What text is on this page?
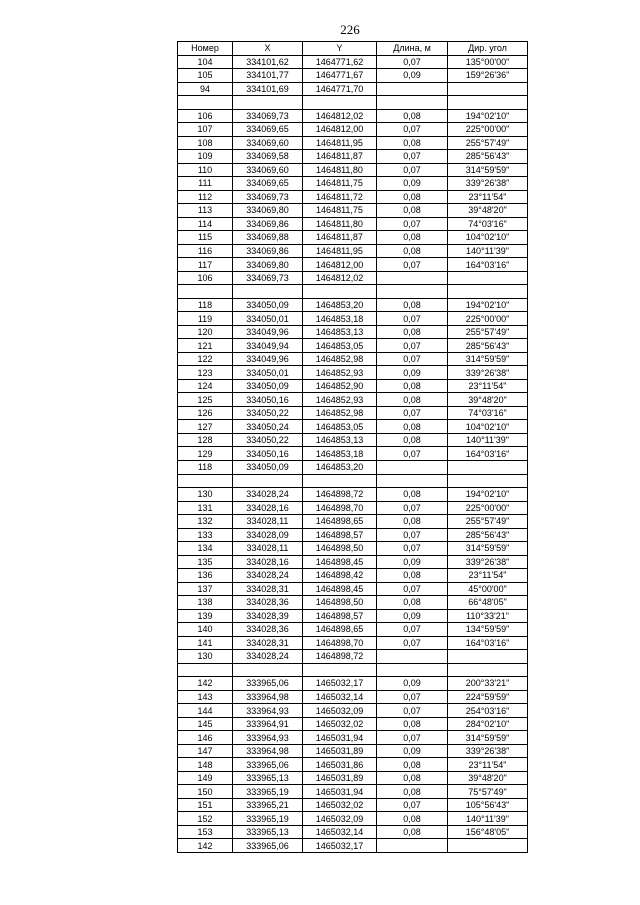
226
Номер	X	Y	Длина, м	Дир. угол
104	334101,62	1464771,62	0,07	135°00'00"
105	334101,77	1464771,67	0,09	159°26'36"
94	334101,69	1464771,70		

106	334069,73	1464812,02	0,08	194°02'10"
107	334069,65	1464812,00	0,07	225°00'00"
108	334069,60	1464811,95	0,08	255°57'49"
109	334069,58	1464811,87	0,07	285°56'43"
110	334069,60	1464811,80	0,07	314°59'59"
111	334069,65	1464811,75	0,09	339°26'38"
112	334069,73	1464811,72	0,08	23°11'54"
113	334069,80	1464811,75	0,08	39°48'20"
114	334069,86	1464811,80	0,07	74°03'16"
115	334069,88	1464811,87	0,08	104°02'10"
116	334069,86	1464811,95	0,08	140°11'39"
117	334069,80	1464812,00	0,07	164°03'16"
106	334069,73	1464812,02		

118	334050,09	1464853,20	0,08	194°02'10"
119	334050,01	1464853,18	0,07	225°00'00"
120	334049,96	1464853,13	0,08	255°57'49"
121	334049,94	1464853,05	0,07	285°56'43"
122	334049,96	1464852,98	0,07	314°59'59"
123	334050,01	1464852,93	0,09	339°26'38"
124	334050,09	1464852,90	0,08	23°11'54"
125	334050,16	1464852,93	0,08	39°48'20"
126	334050,22	1464852,98	0,07	74°03'16"
127	334050,24	1464853,05	0,08	104°02'10"
128	334050,22	1464853,13	0,08	140°11'39"
129	334050,16	1464853,18	0,07	164°03'16"
118	334050,09	1464853,20		

130	334028,24	1464898,72	0,08	194°02'10"
131	334028,16	1464898,70	0,07	225°00'00"
132	334028,11	1464898,65	0,08	255°57'49"
133	334028,09	1464898,57	0,07	285°56'43"
134	334028,11	1464898,50	0,07	314°59'59"
135	334028,16	1464898,45	0,09	339°26'38"
136	334028,24	1464898,42	0,08	23°11'54"
137	334028,31	1464898,45	0,07	45°00'00"
138	334028,36	1464898,50	0,08	66°48'05"
139	334028,39	1464898,57	0,09	110°33'21"
140	334028,36	1464898,65	0,07	134°59'59"
141	334028,31	1464898,70	0,07	164°03'16"
130	334028,24	1464898,72		

142	333965,06	1465032,17	0,09	200°33'21"
143	333964,98	1465032,14	0,07	224°59'59"
144	333964,93	1465032,09	0,07	254°03'16"
145	333964,91	1465032,02	0,08	284°02'10"
146	333964,93	1465031,94	0,07	314°59'59"
147	333964,98	1465031,89	0,09	339°26'38"
148	333965,06	1465031,86	0,08	23°11'54"
149	333965,13	1465031,89	0,08	39°48'20"
150	333965,19	1465031,94	0,08	75°57'49"
151	333965,21	1465032,02	0,07	105°56'43"
152	333965,19	1465032,09	0,08	140°11'39"
153	333965,13	1465032,14	0,08	156°48'05"
142	333965,06	1465032,17		
